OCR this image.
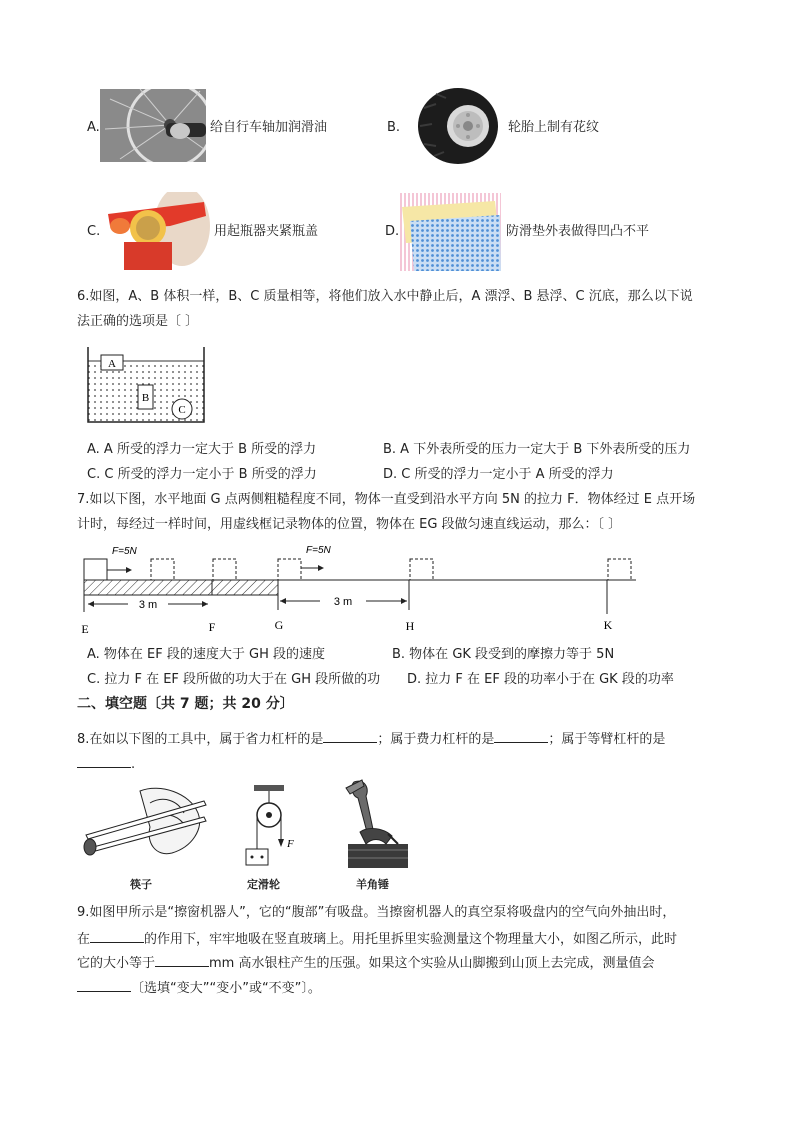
A.	给自行车轴加润滑油	B.	轮胎上制有花纹
C.	用起瓶器夹紧瓶盖	D.	防滑垫外表做得凹凸不平
6.如图，A、B 体积一样，B、C 质量相等，将他们放入水中静止后，A 漂浮、B 悬浮、C 沉底，那么以下说
法正确的选项是〔 〕
A
B
C
A. A 所受的浮力一定大于 B 所受的浮力	B. A 下外表所受的压力一定大于 B 下外表所受的压力
C. C 所受的浮力一定小于 B 所受的浮力	D. C 所受的浮力一定小于 A 所受的浮力
7.如以下图，水平地面 G 点两侧粗糙程度不同，物体一直受到沿水平方向 5N 的拉力 F．物体经过 E 点开场
计时，每经过一样时间，用虚线框记录物体的位置，物体在 EG 段做匀速直线运动，那么：〔 〕
F=5N	F=5N
3 m	3 m
E	F	G	H	K
A. 物体在 EF 段的速度大于 GH 段的速度	B. 物体在 GK 段受到的摩擦力等于 5N
C. 拉力 F 在 EF 段所做的功大于在 GH 段所做的功 D. 拉力 F 在 EF 段的功率小于在 GK 段的功率
二、填空题〔共 7 题；共 20 分〕
8.在如以下图的工具中，属于省力杠杆的是	；属于费力杠杆的是	；属于等臂杠杆的是
.
筷子
F
定滑轮	羊角锤
9.如图甲所示是“擦窗机器人”，它的“腹部”有吸盘。当擦窗机器人的真空泵将吸盘内的空气向外抽出时，
在	的作用下，牢牢地吸在竖直玻璃上。用托里拆里实验测量这个物理量大小，如图乙所示，此时
它的大小等于	mm 高水银柱产生的压强。如果这个实验从山脚搬到山顶上去完成，测量值会
〔选填“变大”“变小”或“不变”〕。
